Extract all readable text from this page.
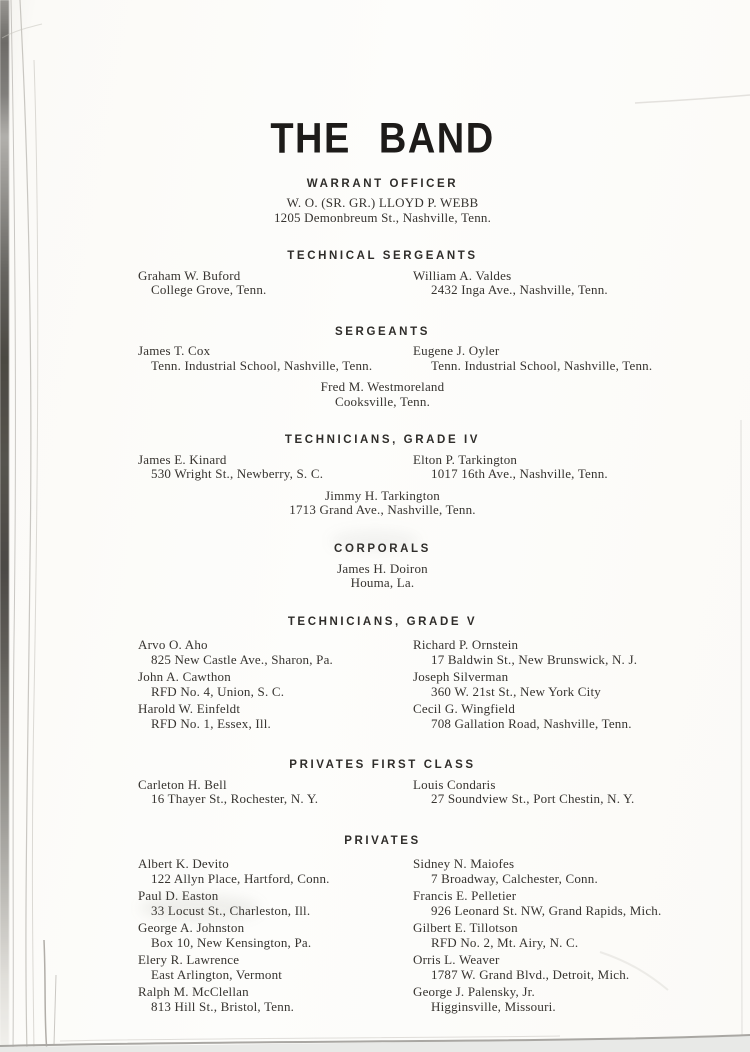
THE BAND
WARRANT OFFICER
W. O. (SR. GR.) LLOYD P. WEBB
1205 Demonbreum St., Nashville, Tenn.
TECHNICAL SERGEANTS
Graham W. Buford
College Grove, Tenn.
William A. Valdes
2432 Inga Ave., Nashville, Tenn.
SERGEANTS
James T. Cox
Tenn. Industrial School, Nashville, Tenn.
Eugene J. Oyler
Tenn. Industrial School, Nashville, Tenn.
Fred M. Westmoreland
Cooksville, Tenn.
TECHNICIANS, GRADE IV
James E. Kinard
530 Wright St., Newberry, S. C.
Elton P. Tarkington
1017 16th Ave., Nashville, Tenn.
Jimmy H. Tarkington
1713 Grand Ave., Nashville, Tenn.
CORPORALS
James H. Doiron
Houma, La.
TECHNICIANS, GRADE V
Arvo O. Aho
825 New Castle Ave., Sharon, Pa.
John A. Cawthon
RFD No. 4, Union, S. C.
Harold W. Einfeldt
RFD No. 1, Essex, Ill.
Richard P. Ornstein
17 Baldwin St., New Brunswick, N. J.
Joseph Silverman
360 W. 21st St., New York City
Cecil G. Wingfield
708 Gallation Road, Nashville, Tenn.
PRIVATES FIRST CLASS
Carleton H. Bell
16 Thayer St., Rochester, N. Y.
Louis Condaris
27 Soundview St., Port Chestin, N. Y.
PRIVATES
Albert K. Devito
122 Allyn Place, Hartford, Conn.
Paul D. Easton
33 Locust St., Charleston, Ill.
George A. Johnston
Box 10, New Kensington, Pa.
Elery R. Lawrence
East Arlington, Vermont
Ralph M. McClellan
813 Hill St., Bristol, Tenn.
Sidney N. Maiofes
7 Broadway, Calchester, Conn.
Francis E. Pelletier
926 Leonard St. NW, Grand Rapids, Mich.
Gilbert E. Tillotson
RFD No. 2, Mt. Airy, N. C.
Orris L. Weaver
1787 W. Grand Blvd., Detroit, Mich.
George J. Palensky, Jr.
Higginsville, Missouri.
